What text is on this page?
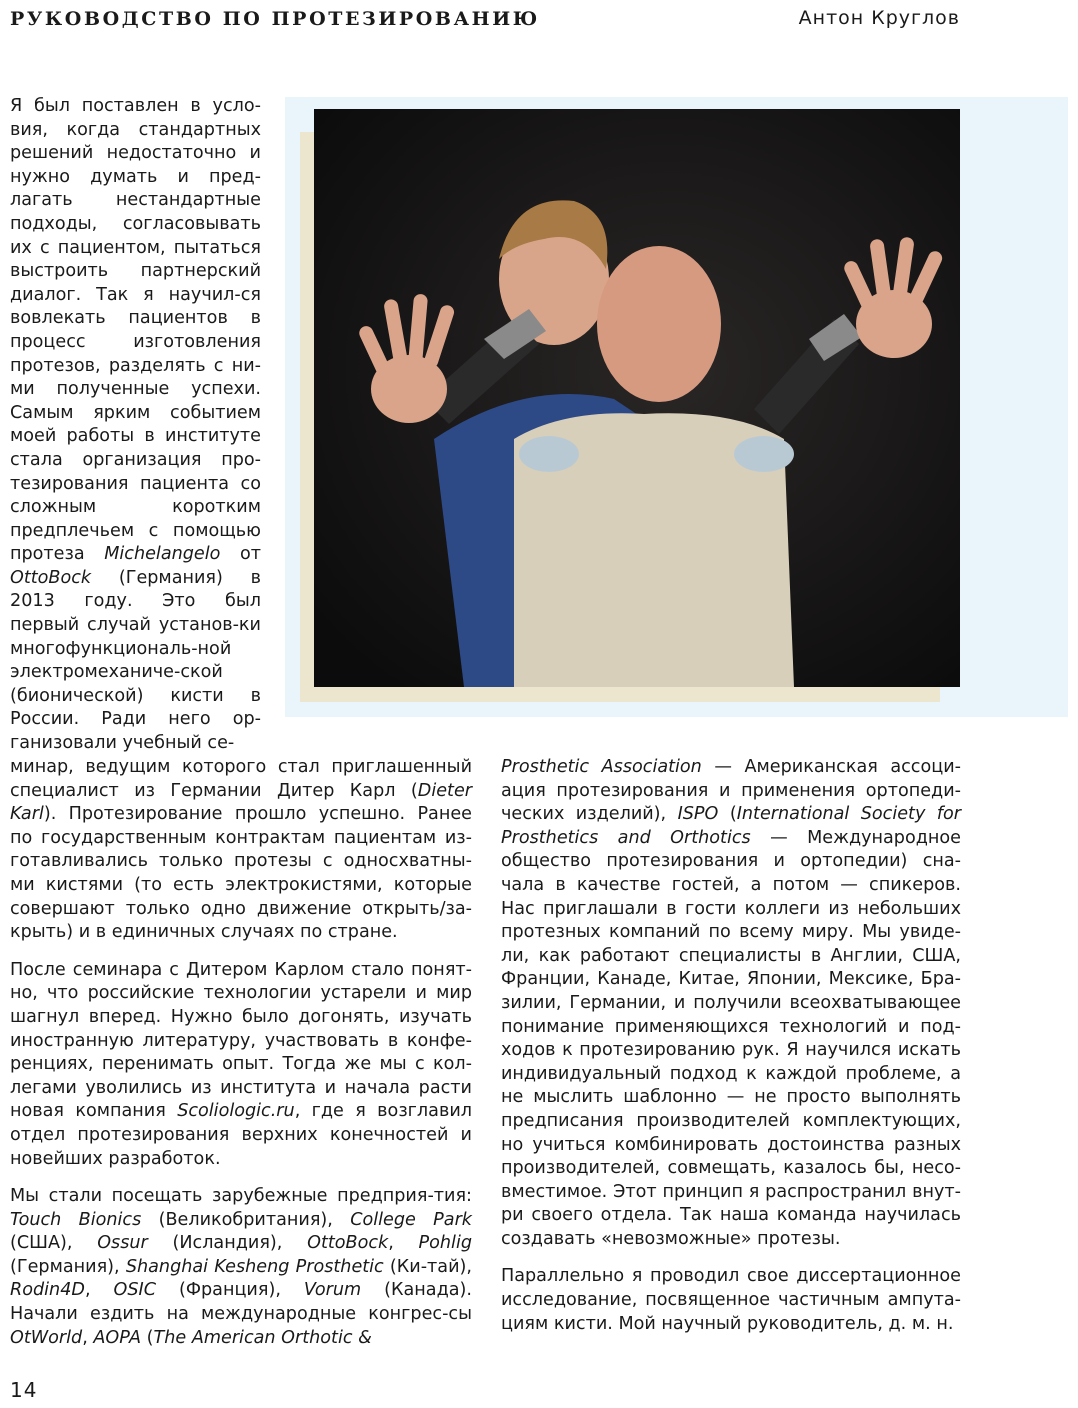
РУКОВОДСТВО ПО ПРОТЕЗИРОВАНИЮ	Антон Круглов

Я был поставлен в усло-вия, когда стандартных решений недостаточно и нужно думать и пред-лагать нестандартные подходы, согласовывать их с пациентом, пытаться выстроить партнерский диалог. Так я научил-ся вовлекать пациентов в процесс изготовления протезов, разделять с ни-ми полученные успехи. Самым ярким событием моей работы в институте стала организация про-тезирования пациента со сложным коротким предплечьем с помощью протеза Michelangelo от OttoBock (Германия) в 2013 году. Это был первый случай установ-ки многофункциональ-ной электромеханиче-ской (бионической) кисти в России. Ради него ор-ганизовали учебный се-

минар, ведущим которого стал приглашенный специалист из Германии Дитер Карл (Dieter Karl). Протезирование прошло успешно. Ранее по государственным контрактам пациентам из-готавливались только протезы с односхватны-ми кистями (то есть электрокистями, которые совершают только одно движение открыть/за-крыть) и в единичных случаях по стране.

После семинара с Дитером Карлом стало понят-но, что российские технологии устарели и мир шагнул вперед. Нужно было догонять, изучать иностранную литературу, участвовать в конфе-ренциях, перенимать опыт. Тогда же мы с кол-легами уволились из института и начала расти новая компания Scoliologic.ru, где я возглавил отдел протезирования верхних конечностей и новейших разработок.

Мы стали посещать зарубежные предприя-тия: Touch Bionics (Великобритания), College Park (США), Ossur (Исландия), OttoBock, Pohlig (Германия), Shanghai Kesheng Prosthetic (Ки-тай), Rodin4D, OSIC (Франция), Vorum (Канада). Начали ездить на международные конгрес-сы OtWorld, AOPA (The American Orthotic &

Prosthetic Association — Американская ассоци-ация протезирования и применения ортопеди-ческих изделий), ISPO (International Society for Prosthetics and Orthotics — Международное общество протезирования и ортопедии) сна-чала в качестве гостей, а потом — спикеров. Нас приглашали в гости коллеги из небольших протезных компаний по всему миру. Мы увиде-ли, как работают специалисты в Англии, США, Франции, Канаде, Китае, Японии, Мексике, Бра-зилии, Германии, и получили всеохватывающее понимание применяющихся технологий и под-ходов к протезированию рук. Я научился искать индивидуальный подход к каждой проблеме, а не мыслить шаблонно — не просто выполнять предписания производителей комплектующих, но учиться комбинировать достоинства разных производителей, совмещать, казалось бы, несо-вместимое. Этот принцип я распространил внут-ри своего отдела. Так наша команда научилась создавать «невозможные» протезы.

Параллельно я проводил свое диссертационное исследование, посвященное частичным ампута-циям кисти. Мой научный руководитель, д. м. н.

14
